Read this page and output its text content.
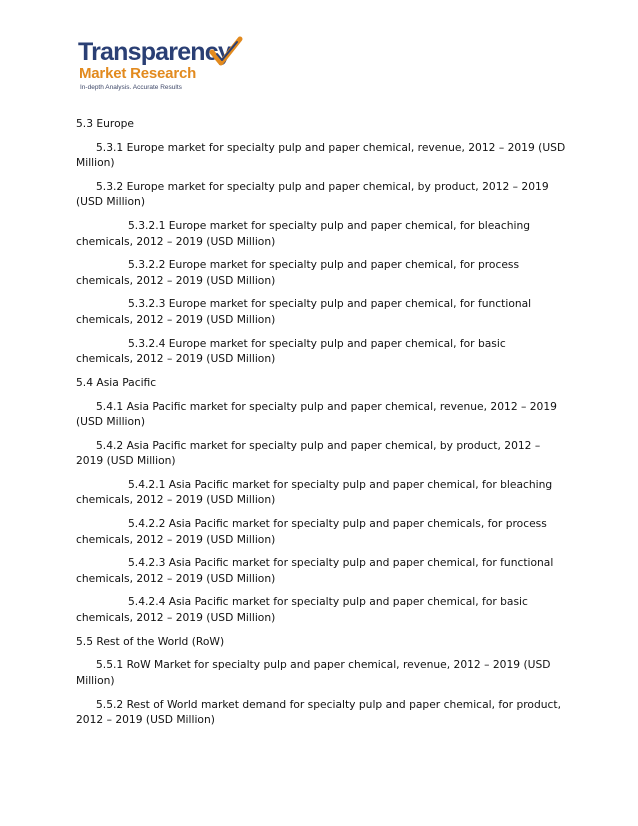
Transparency
Market Research
In-depth Analysis. Accurate Results
5.3 Europe
5.3.1 Europe market for specialty pulp and paper chemical, revenue, 2012 – 2019 (USD Million)
5.3.2 Europe market for specialty pulp and paper chemical, by product, 2012 – 2019 (USD Million)
5.3.2.1 Europe market for specialty pulp and paper chemical, for bleaching chemicals, 2012 – 2019 (USD Million)
5.3.2.2 Europe market for specialty pulp and paper chemical, for process chemicals, 2012 – 2019 (USD Million)
5.3.2.3 Europe market for specialty pulp and paper chemical, for functional chemicals, 2012 – 2019 (USD Million)
5.3.2.4 Europe market for specialty pulp and paper chemical, for basic chemicals, 2012 – 2019 (USD Million)
5.4 Asia Pacific
5.4.1 Asia Pacific market for specialty pulp and paper chemical, revenue, 2012 – 2019 (USD Million)
5.4.2 Asia Pacific market for specialty pulp and paper chemical, by product, 2012 – 2019 (USD Million)
5.4.2.1 Asia Pacific market for specialty pulp and paper chemical, for bleaching chemicals, 2012 – 2019 (USD Million)
5.4.2.2 Asia Pacific market for specialty pulp and paper chemicals, for process chemicals, 2012 – 2019 (USD Million)
5.4.2.3 Asia Pacific market for specialty pulp and paper chemical, for functional chemicals, 2012 – 2019 (USD Million)
5.4.2.4 Asia Pacific market for specialty pulp and paper chemical, for basic chemicals, 2012 – 2019 (USD Million)
5.5 Rest of the World (RoW)
5.5.1 RoW Market for specialty pulp and paper chemical, revenue, 2012 – 2019 (USD Million)
5.5.2 Rest of World market demand for specialty pulp and paper chemical, for product, 2012 – 2019 (USD Million)
